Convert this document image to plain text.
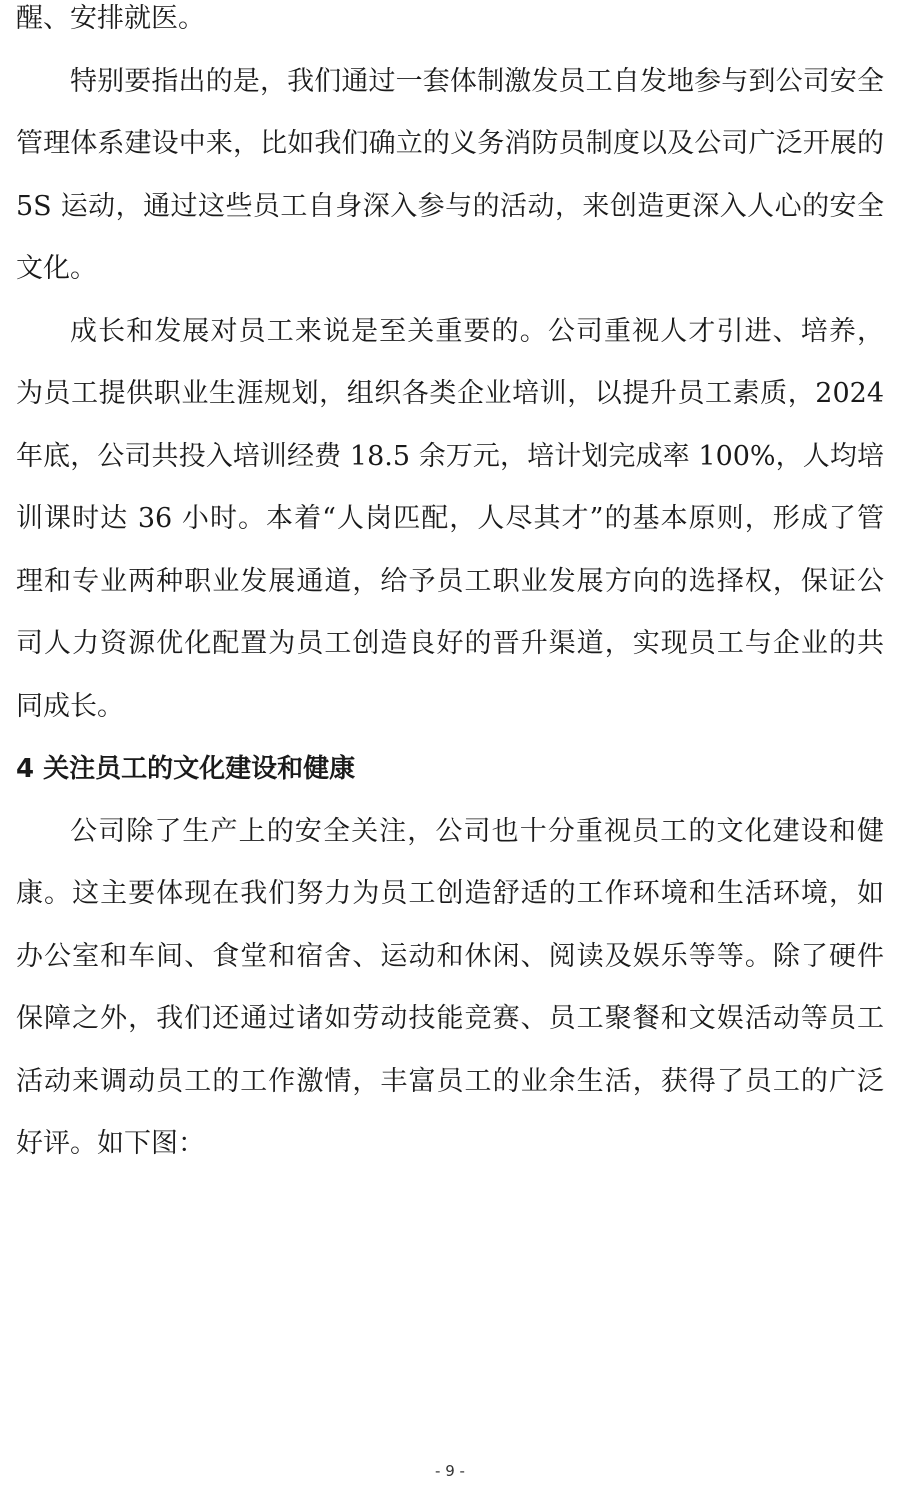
醒、安排就医。

特别要指出的是，我们通过一套体制激发员工自发地参与到公司安全

管理体系建设中来，比如我们确立的义务消防员制度以及公司广泛开展的

5S 运动，通过这些员工自身深入参与的活动，来创造更深入人心的安全

文化。

成长和发展对员工来说是至关重要的。公司重视人才引进、培养，

为员工提供职业生涯规划，组织各类企业培训，以提升员工素质，2024

年底，公司共投入培训经费 18.5 余万元，培计划完成率 100%，人均培

训课时达 36 小时。本着“人岗匹配，人尽其才”的基本原则，形成了管

理和专业两种职业发展通道，给予员工职业发展方向的选择权，保证公

司人力资源优化配置为员工创造良好的晋升渠道，实现员工与企业的共

同成长。

4 关注员工的文化建设和健康

公司除了生产上的安全关注，公司也十分重视员工的文化建设和健

康。这主要体现在我们努力为员工创造舒适的工作环境和生活环境，如

办公室和车间、食堂和宿舍、运动和休闲、阅读及娱乐等等。除了硬件

保障之外，我们还通过诸如劳动技能竞赛、员工聚餐和文娱活动等员工

活动来调动员工的工作激情，丰富员工的业余生活，获得了员工的广泛

好评。如下图：

- 9 -
